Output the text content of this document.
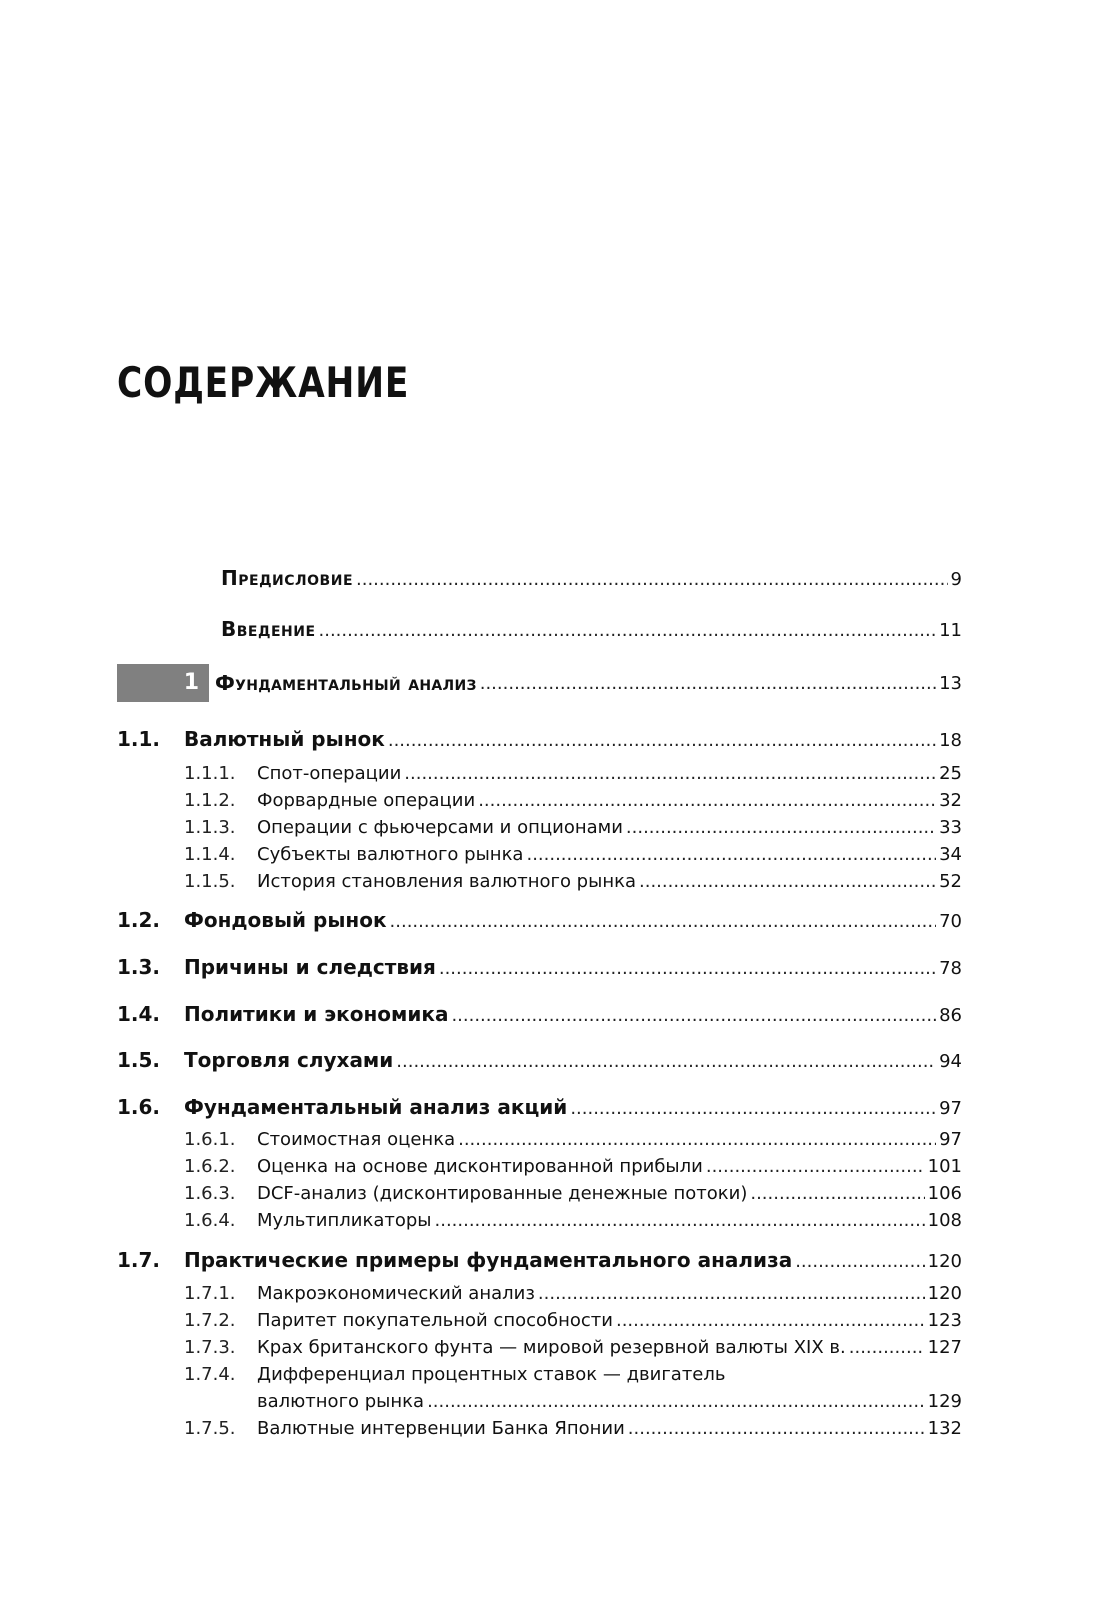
СОДЕРЖАНИЕ
Предисловие .....	9
Введение .....	11
1 Фундаментальный анализ .....	13
1.1.	Валютный рынок .....	18
1.1.1.	Спот-операции .....	25
1.1.2.	Форвардные операции .....	32
1.1.3.	Операции с фьючерсами и опционами .....	33
1.1.4.	Субъекты валютного рынка .....	34
1.1.5.	История становления валютного рынка .....	52
1.2.	Фондовый рынок .....	70
1.3.	Причины и следствия .....	78
1.4.	Политики и экономика .....	86
1.5.	Торговля слухами .....	94
1.6.	Фундаментальный анализ акций .....	97
1.6.1.	Стоимостная оценка .....	97
1.6.2.	Оценка на основе дисконтированной прибыли .....	101
1.6.3.	DCF-анализ (дисконтированные денежные потоки) .....	106
1.6.4.	Мультипликаторы .....	108
1.7.	Практические примеры фундаментального анализа .....	120
1.7.1.	Макроэкономический анализ .....	120
1.7.2.	Паритет покупательной способности .....	123
1.7.3.	Крах британского фунта — мировой резервной валюты XIX в. .....	127
1.7.4.	Дифференциал процентных ставок — двигатель
валютного рынка .....	129
1.7.5.	Валютные интервенции Банка Японии .....	132
